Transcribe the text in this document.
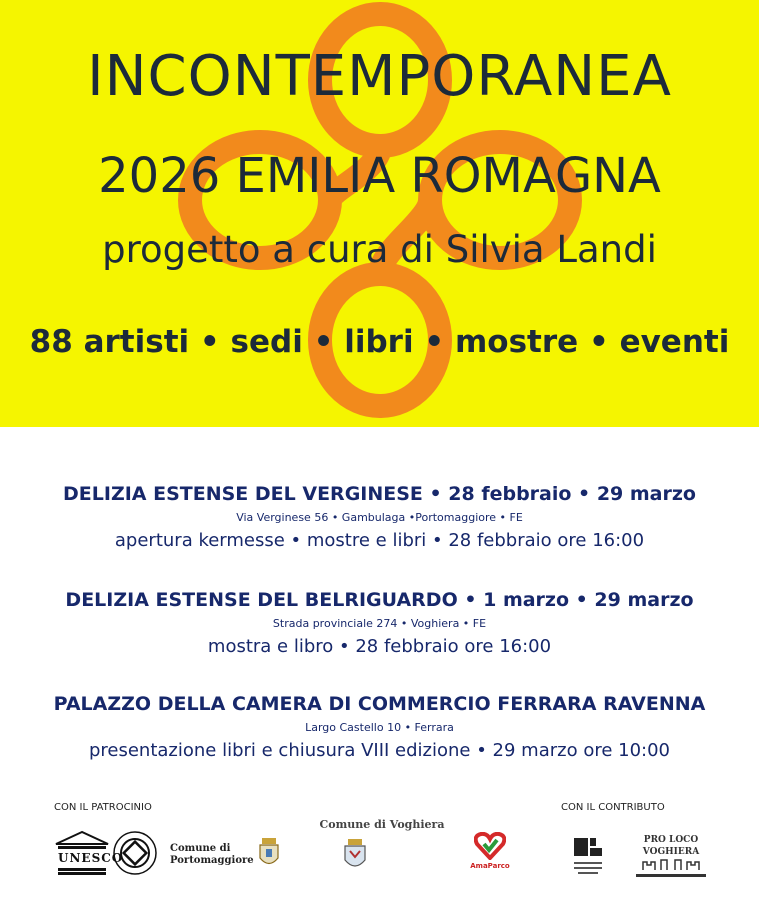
INCONTEMPORANEA
2026 EMILIA ROMAGNA
progetto a cura di Silvia Landi
88 artisti • sedi • libri • mostre • eventi
DELIZIA ESTENSE DEL VERGINESE • 28 febbraio • 29 marzo
Via Verginese 56 • Gambulaga •Portomaggiore • FE
apertura kermesse • mostre e libri • 28 febbraio ore 16:00
DELIZIA ESTENSE DEL BELRIGUARDO • 1 marzo • 29 marzo
Strada provinciale 274 • Voghiera • FE
mostra e libro • 28 febbraio ore 16:00
PALAZZO DELLA CAMERA DI COMMERCIO FERRARA RAVENNA
Largo Castello 10 • Ferrara
presentazione libri e chiusura VIII edizione • 29 marzo ore 10:00
CON IL PATROCINIO	CON IL CONTRIBUTO
UNESCO
Comune di
Portomaggiore
Comune di Voghiera
AmaParco
PRO LOCO
VOGHIERA
